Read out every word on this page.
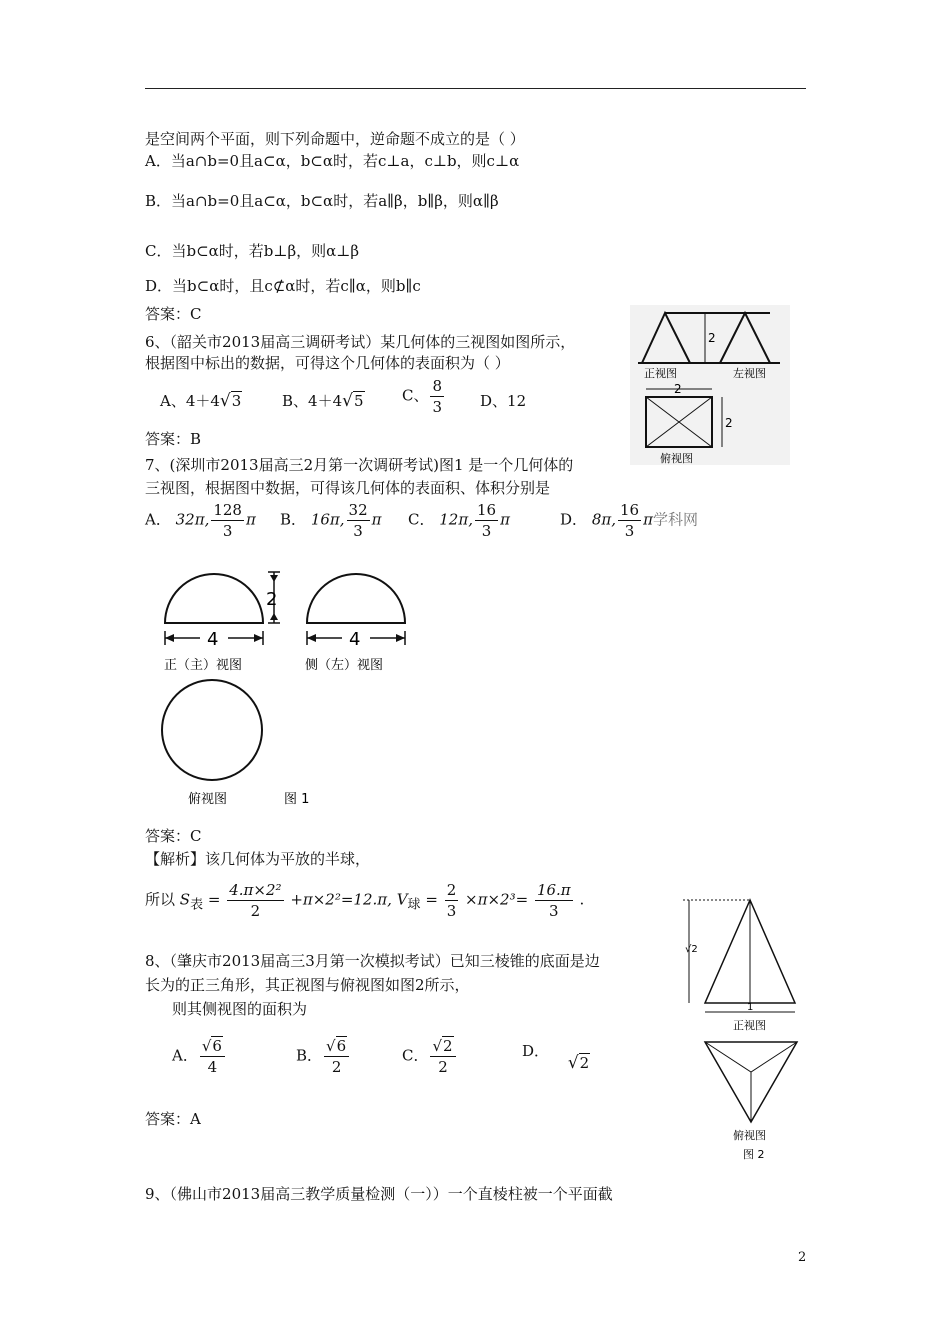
是空间两个平面，则下列命题中，逆命题不成立的是（ ）
A．当a∩b=0且a⊂α，b⊂α时，若c⊥a，c⊥b，则c⊥α
B．当a∩b=0且a⊂α，b⊂α时，若a∥β，b∥β，则α∥β
C．当b⊂α时，若b⊥β，则α⊥β
D．当b⊂α时，且c⊄α时，若c∥α，则b∥c
答案：C
6、（韶关市2013届高三调研考试）某几何体的三视图如图所示，
根据图中标出的数据，可得这个几何体的表面积为（ ）
A、4＋4√3	B、4＋4√5	C、 $\frac{8}{3}$ D、12
答案：B
2
正视图	左视图
2
2
俯视图
7、(深圳市2013届高三2月第一次调研考试)图1 是一个几何体的
三视图，根据图中数据，可得该几何体的表面积、体积分别是
A． 32π, $\frac{128}{3}$ π B． 16π, $\frac{32}{3}$ π C． 12π, $\frac{16}{3}$ π	D． 8π, $\frac{16}{3}$ π学科网
2
4
正（主）视图
4
侧（左）视图
俯视图	图 1
答案：C
【解析】该几何体为平放的半球，
所以 $S_表 = \frac{\text{4.π×2²}}{2} +\pi\times 2^2=12.\pi$, $V_球 = \frac{2}{3} \times\pi\times 2^3= \frac{16.\pi}{3}$ .
8、（肇庆市2013届高三3月第一次模拟考试）已知三棱锥的底面是边
长为的正三角形，其正视图与俯视图如图2所示，
则其侧视图的面积为
A． $\frac{√6}{4}$	B． $\frac{√6}{2}$	C． $\frac{√2}{2}$	D． √2
答案：A
√2
1
正视图
俯视图
图 2
9、（佛山市2013届高三教学质量检测（一））一个直棱柱被一个平面截
2
